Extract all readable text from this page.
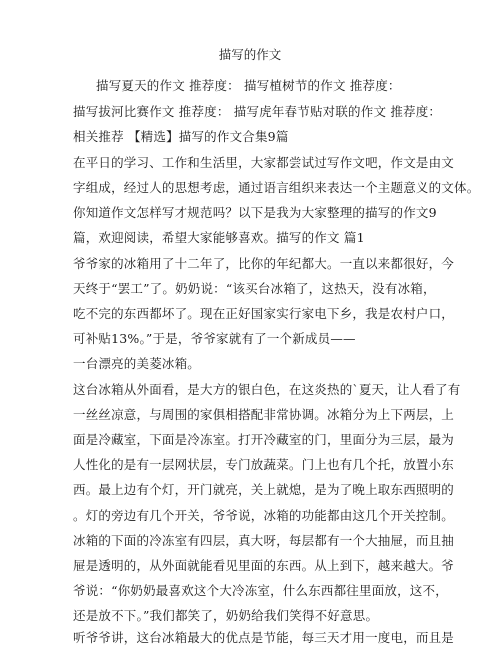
描写的作文
描写夏天的作文 推荐度： 描写植树节的作文 推荐度：
描写拔河比赛作文 推荐度： 描写虎年春节贴对联的作文 推荐度：
相关推荐 【精选】描写的作文合集9篇
在平日的学习、工作和生活里，大家都尝试过写作文吧，作文是由文
字组成，经过人的思想考虑，通过语言组织来表达一个主题意义的文体。
你知道作文怎样写才规范吗？以下是我为大家整理的描写的作文9
篇，欢迎阅读，希望大家能够喜欢。描写的作文 篇1
爷爷家的冰箱用了十二年了，比你的年纪都大。一直以来都很好，今
天终于“罢工”了。奶奶说：“该买台冰箱了，这热天，没有冰箱，
吃不完的东西都坏了。现在正好国家实行家电下乡，我是农村户口，
可补贴13%。”于是，爷爷家就有了一个新成员——
一台漂亮的美菱冰箱。
这台冰箱从外面看，是大方的银白色，在这炎热的`夏天，让人看了有
一丝丝凉意，与周围的家俱相搭配非常协调。冰箱分为上下两层，上
面是冷藏室，下面是冷冻室。打开冷藏室的门，里面分为三层，最为
人性化的是有一层网状层，专门放蔬菜。门上也有几个托，放置小东
西。最上边有个灯，开门就亮，关上就熄，是为了晚上取东西照明的
。灯的旁边有几个开关，爷爷说，冰箱的功能都由这几个开关控制。
冰箱的下面的冷冻室有四层，真大呀，每层都有一个大抽屉，而且抽
屉是透明的，从外面就能看见里面的东西。从上到下，越来越大。爷
爷说：“你奶奶最喜欢这个大冷冻室，什么东西都往里面放，这不，
还是放不下。”我们都笑了，奶奶给我们笑得不好意思。
听爷爷讲，这台冰箱最大的优点是节能，每三天才用一度电，而且是
